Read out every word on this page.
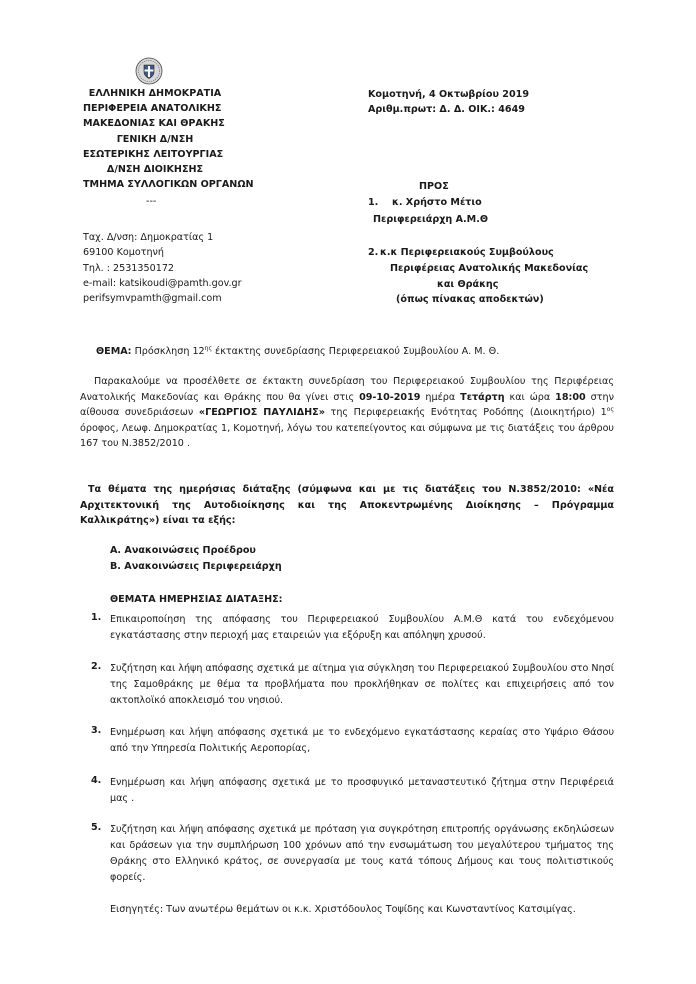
ΕΛΛΗΝΙΚΗ ΔΗΜΟΚΡΑΤΙΑ
ΠΕΡΙΦΕΡΕΙΑ ΑΝΑΤΟΛΙΚΗΣ
ΜΑΚΕΔΟΝΙΑΣ ΚΑΙ ΘΡΑΚΗΣ
ΓΕΝΙΚΗ Δ/ΝΣΗ
ΕΣΩΤΕΡΙΚΗΣ ΛΕΙΤΟΥΡΓΙΑΣ
Δ/ΝΣΗ ΔΙΟΙΚΗΣΗΣ
ΤΜΗΜΑ ΣΥΛΛΟΓΙΚΩΝ ΟΡΓΑΝΩΝ
---
Κομοτηνή, 4 Οκτωβρίου 2019
Αριθμ.πρωτ: Δ. Δ. ΟΙΚ.: 4649
Ταχ. Δ/νση: Δημοκρατίας 1
69100 Κομοτηνή
Τηλ. : 2531350172
e-mail: katsikoudi@pamth.gov.gr
perifsymvpamth@gmail.com
ΠΡΟΣ
1. κ. Χρήστο Μέτιο
Περιφερειάρχη Α.Μ.Θ
2. κ.κ Περιφερειακούς Συμβούλους
Περιφέρειας Ανατολικής Μακεδονίας
και Θράκης
(όπως πίνακας αποδεκτών)
ΘΕΜΑ: Πρόσκληση $12^{\eta\varsigma}$ έκτακτης συνεδρίασης Περιφερειακού Συμβουλίου Α. Μ. Θ.
Παρακαλούμε να προσέλθετε σε έκτακτη συνεδρίαση του Περιφερειακού Συμβουλίου της Περιφέρειας Ανατολικής Μακεδονίας και Θράκης που θα γίνει στις 09-10-2019 ημέρα Τετάρτη και ώρα 18:00 στην αίθουσα συνεδριάσεων «ΓΕΩΡΓΙΟΣ ΠΑΥΛΙΔΗΣ» της Περιφερειακής Ενότητας Ροδόπης (Διοικητήριο) $1^{o\varsigma}$ όροφος, Λεωφ. Δημοκρατίας 1, Κομοτηνή, λόγω του κατεπείγοντος και σύμφωνα με τις διατάξεις του άρθρου 167 του Ν.3852/2010 .
Τα θέματα της ημερήσιας διάταξης (σύμφωνα και με τις διατάξεις του Ν.3852/2010: «Νέα Αρχιτεκτονική της Αυτοδιοίκησης και της Αποκεντρωμένης Διοίκησης – Πρόγραμμα Καλλικράτης») είναι τα εξής:
Α. Ανακοινώσεις Προέδρου
Β. Ανακοινώσεις Περιφερειάρχη
ΘΕΜΑΤΑ ΗΜΕΡΗΣΙΑΣ ΔΙΑΤΑΞΗΣ:
1. Επικαιροποίηση της απόφασης του Περιφερειακού Συμβουλίου Α.Μ.Θ κατά του ενδεχόμενου εγκατάστασης στην περιοχή μας εταιρειών για εξόρυξη και απόληψη χρυσού.
2. Συζήτηση και λήψη απόφασης σχετικά με αίτημα για σύγκληση του Περιφερειακού Συμβουλίου στο Νησί της Σαμοθράκης με θέμα τα προβλήματα που προκλήθηκαν σε πολίτες και επιχειρήσεις από τον ακτοπλοϊκό αποκλεισμό του νησιού.
3. Ενημέρωση και λήψη απόφασης σχετικά με το ενδεχόμενο εγκατάστασης κεραίας στο Υψάριο Θάσου από την Υπηρεσία Πολιτικής Αεροπορίας,
4. Ενημέρωση και λήψη απόφασης σχετικά με το προσφυγικό μεταναστευτικό ζήτημα στην Περιφέρειά μας .
5. Συζήτηση και λήψη απόφασης σχετικά με πρόταση για συγκρότηση επιτροπής οργάνωσης εκδηλώσεων και δράσεων για την συμπλήρωση 100 χρόνων από την ενσωμάτωση του μεγαλύτερου τμήματος της Θράκης στο Ελληνικό κράτος, σε συνεργασία με τους κατά τόπους Δήμους και τους πολιτιστικούς φορείς.
Εισηγητές: Των ανωτέρω θεμάτων οι κ.κ. Χριστόδουλος Τοψίδης και Κωνσταντίνος Κατσιμίγας.
